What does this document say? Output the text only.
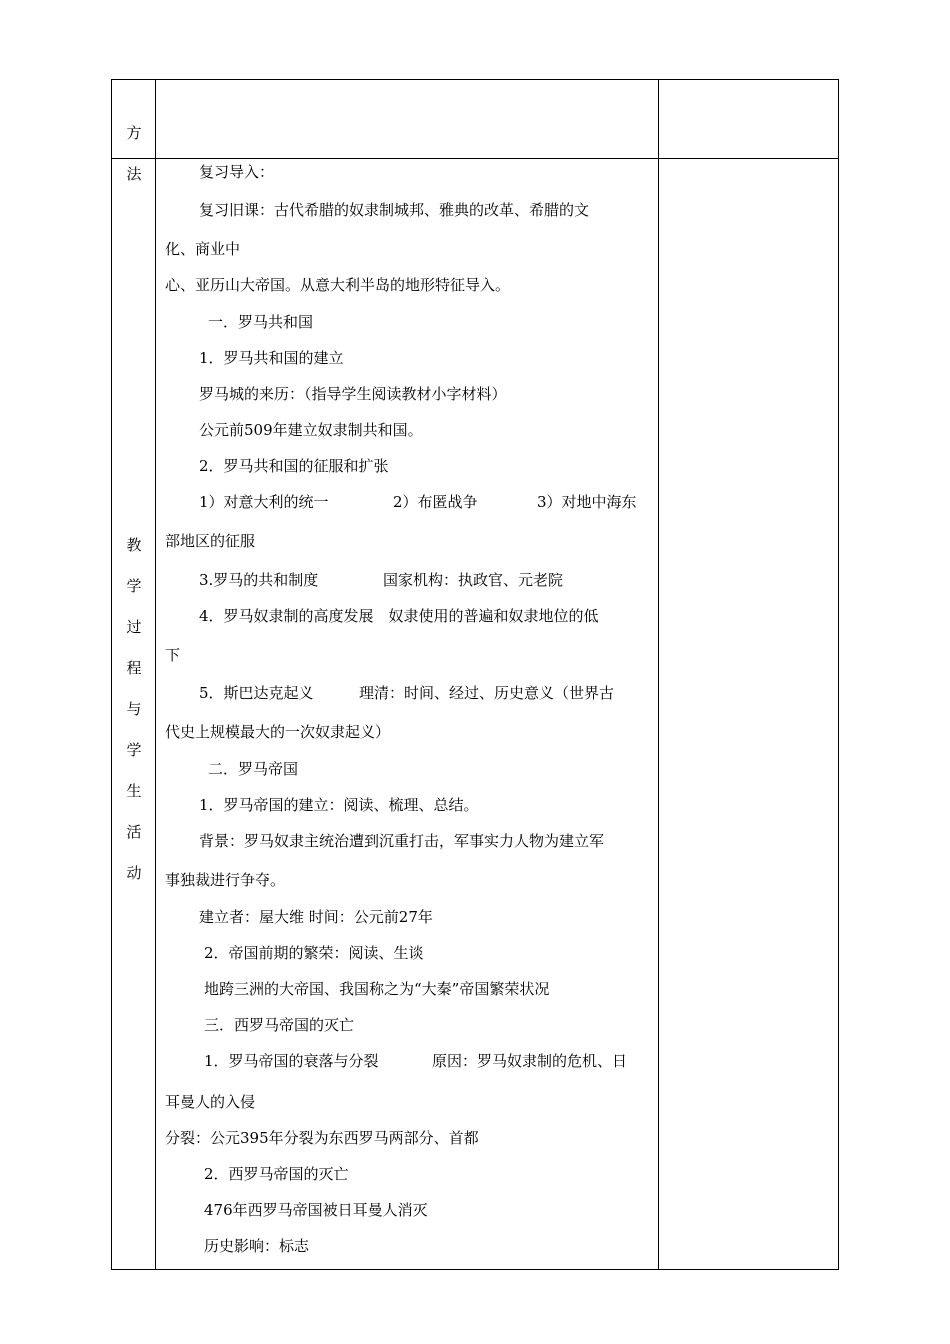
方
法
教
学
过
程
与
学
生
活
动
复习导入：
复习旧课：古代希腊的奴隶制城邦、雅典的改革、希腊的文
化、商业中
心、亚历山大帝国。从意大利半岛的地形特征导入。
一．罗马共和国
1．罗马共和国的建立
罗马城的来历：（指导学生阅读教材小字材料）
公元前509年建立奴隶制共和国。
2．罗马共和国的征服和扩张
1）对意大利的统一	2）布匿战争	3）对地中海东
部地区的征服
3.罗马的共和制度	国家机构：执政官、元老院
4．罗马奴隶制的高度发展　奴隶使用的普遍和奴隶地位的低
下
5．斯巴达克起义	理清：时间、经过、历史意义（世界古
代史上规模最大的一次奴隶起义）
二．罗马帝国
1．罗马帝国的建立：阅读、梳理、总结。
背景：罗马奴隶主统治遭到沉重打击，军事实力人物为建立军
事独裁进行争夺。
建立者：屋大维 时间：公元前27年
2．帝国前期的繁荣：阅读、生谈
地跨三洲的大帝国、我国称之为“大秦”帝国繁荣状况
三．西罗马帝国的灭亡
1．罗马帝国的衰落与分裂	原因：罗马奴隶制的危机、日
耳曼人的入侵
分裂：公元395年分裂为东西罗马两部分、首都
2．西罗马帝国的灭亡
476年西罗马帝国被日耳曼人消灭
历史影响：标志
